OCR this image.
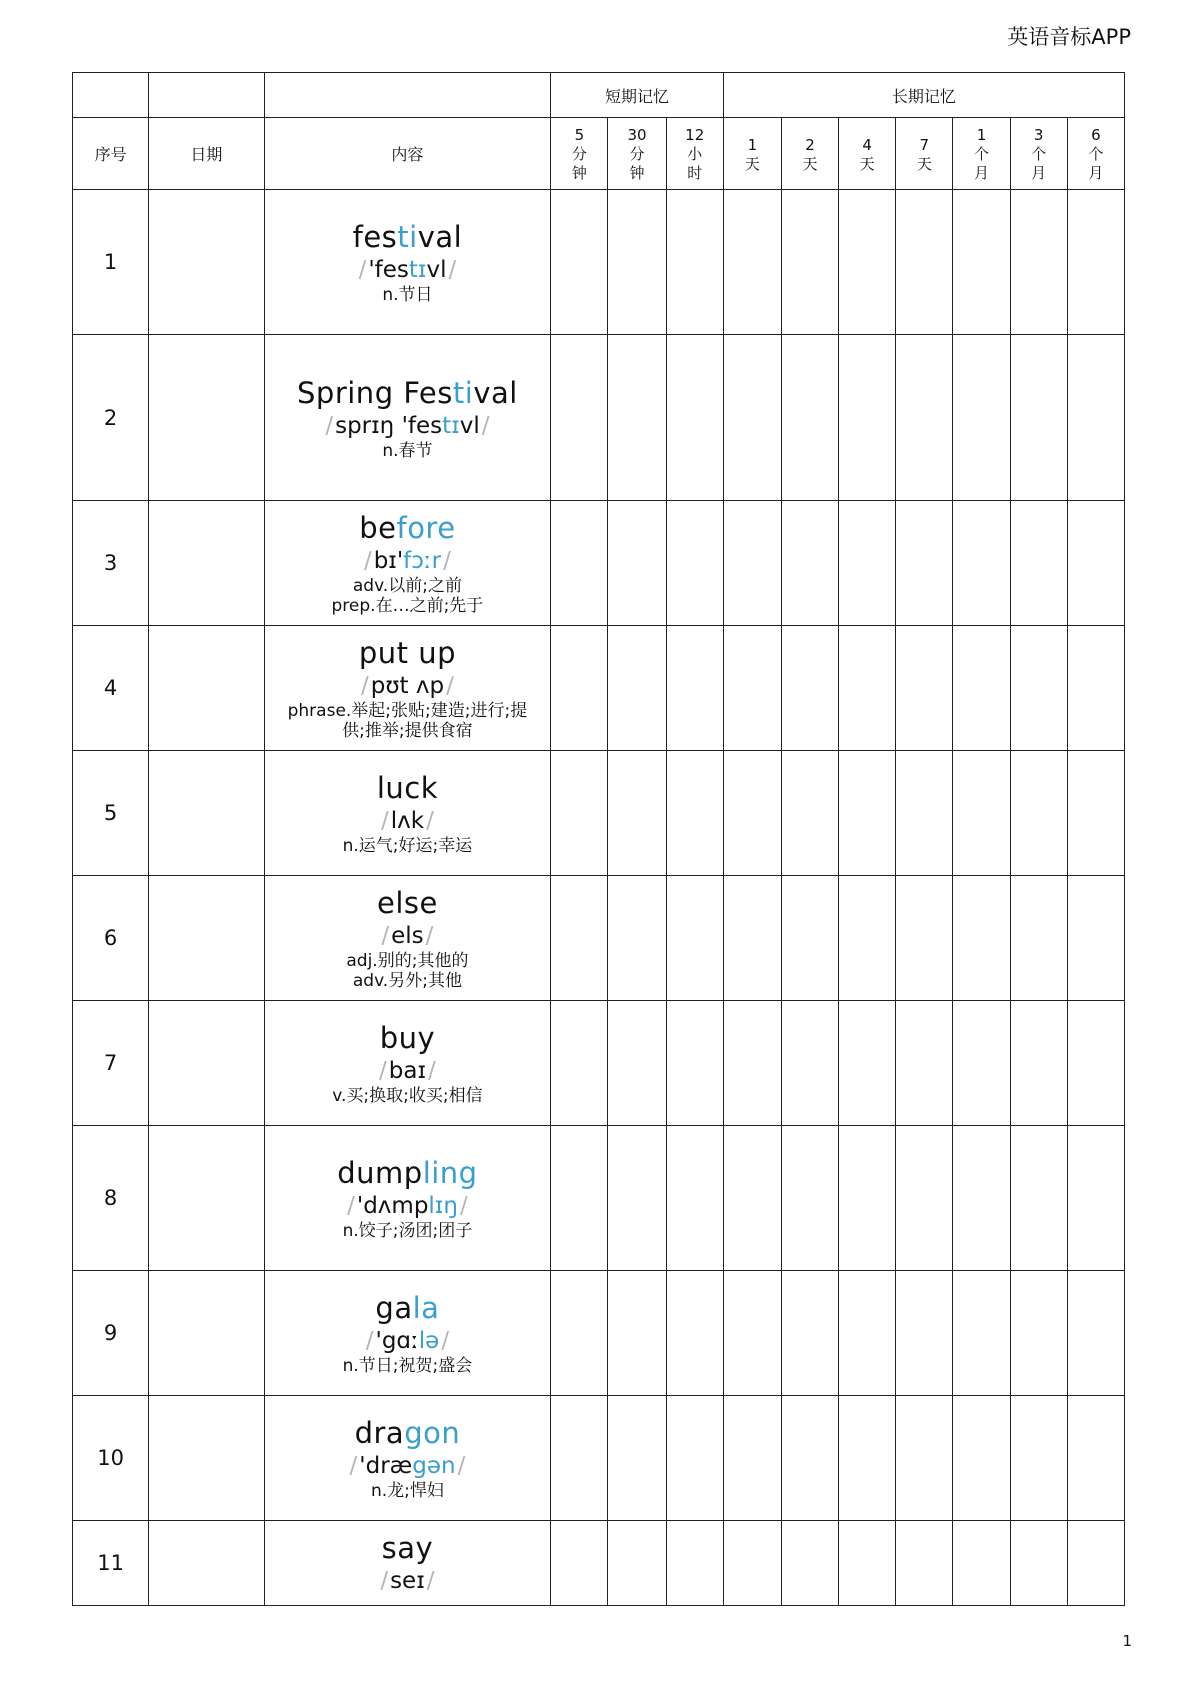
英语音标APP
			短期记忆			长期记忆						
序号	日期	内容	5
分
钟	30
分
钟	12
小
时	1
天	2
天	4
天	7
天	1
个
月	3
个
月	6
个
月

1		festival
/'festɪvl/
n.节日										

2		Spring Festival
/sprɪŋ 'festɪvl/
n.春节										

3		before
/bɪ'fɔːr/
adv.以前;之前
prep.在…之前;先于										

4		put up
/pʊt ʌp/
phrase.举起;张贴;建造;进行;提
供;推举;提供食宿										

5		luck
/lʌk/
n.运气;好运;幸运										

6		else
/els/
adj.别的;其他的
adv.另外;其他										

7		buy
/baɪ/
v.买;换取;收买;相信										

8		dumpling
/'dʌmplɪŋ/
n.饺子;汤团;团子										

9		gala
/'gɑːlə/
n.节日;祝贺;盛会										

10		dragon
/'drægən/
n.龙;悍妇										

11		say
/seɪ/										

1
